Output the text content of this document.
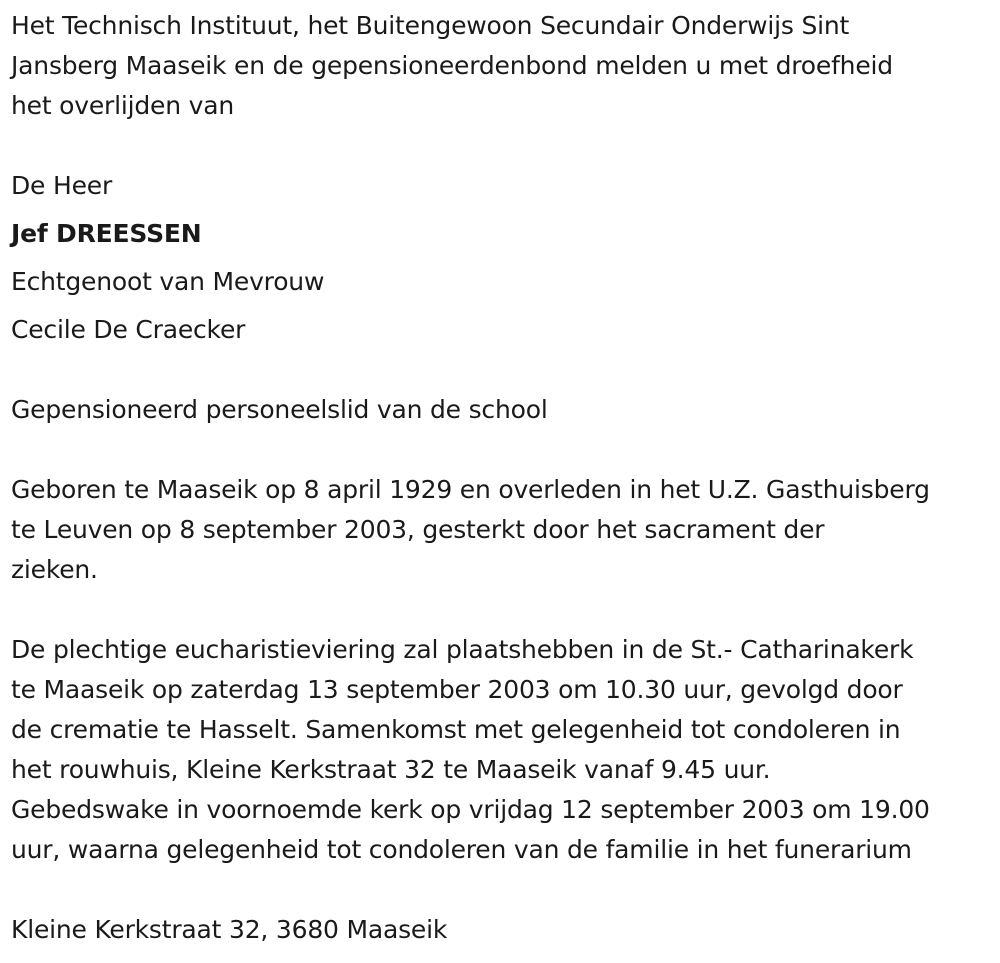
Het Technisch Instituut, het Buitengewoon Secundair Onderwijs Sint
Jansberg Maaseik en de gepensioneerdenbond melden u met droefheid
het overlijden van

De Heer

Jef DREESSEN

Echtgenoot van Mevrouw

Cecile De Craecker

Gepensioneerd personeelslid van de school

Geboren te Maaseik op 8 april 1929 en overleden in het U.Z. Gasthuisberg
te Leuven op 8 september 2003, gesterkt door het sacrament der
zieken.

De plechtige eucharistieviering zal plaatshebben in de St.- Catharinakerk
te Maaseik op zaterdag 13 september 2003 om 10.30 uur, gevolgd door
de crematie te Hasselt. Samenkomst met gelegenheid tot condoleren in
het rouwhuis, Kleine Kerkstraat 32 te Maaseik vanaf 9.45 uur.
Gebedswake in voornoemde kerk op vrijdag 12 september 2003 om 19.00
uur, waarna gelegenheid tot condoleren van de familie in het funerarium

Kleine Kerkstraat 32, 3680 Maaseik
